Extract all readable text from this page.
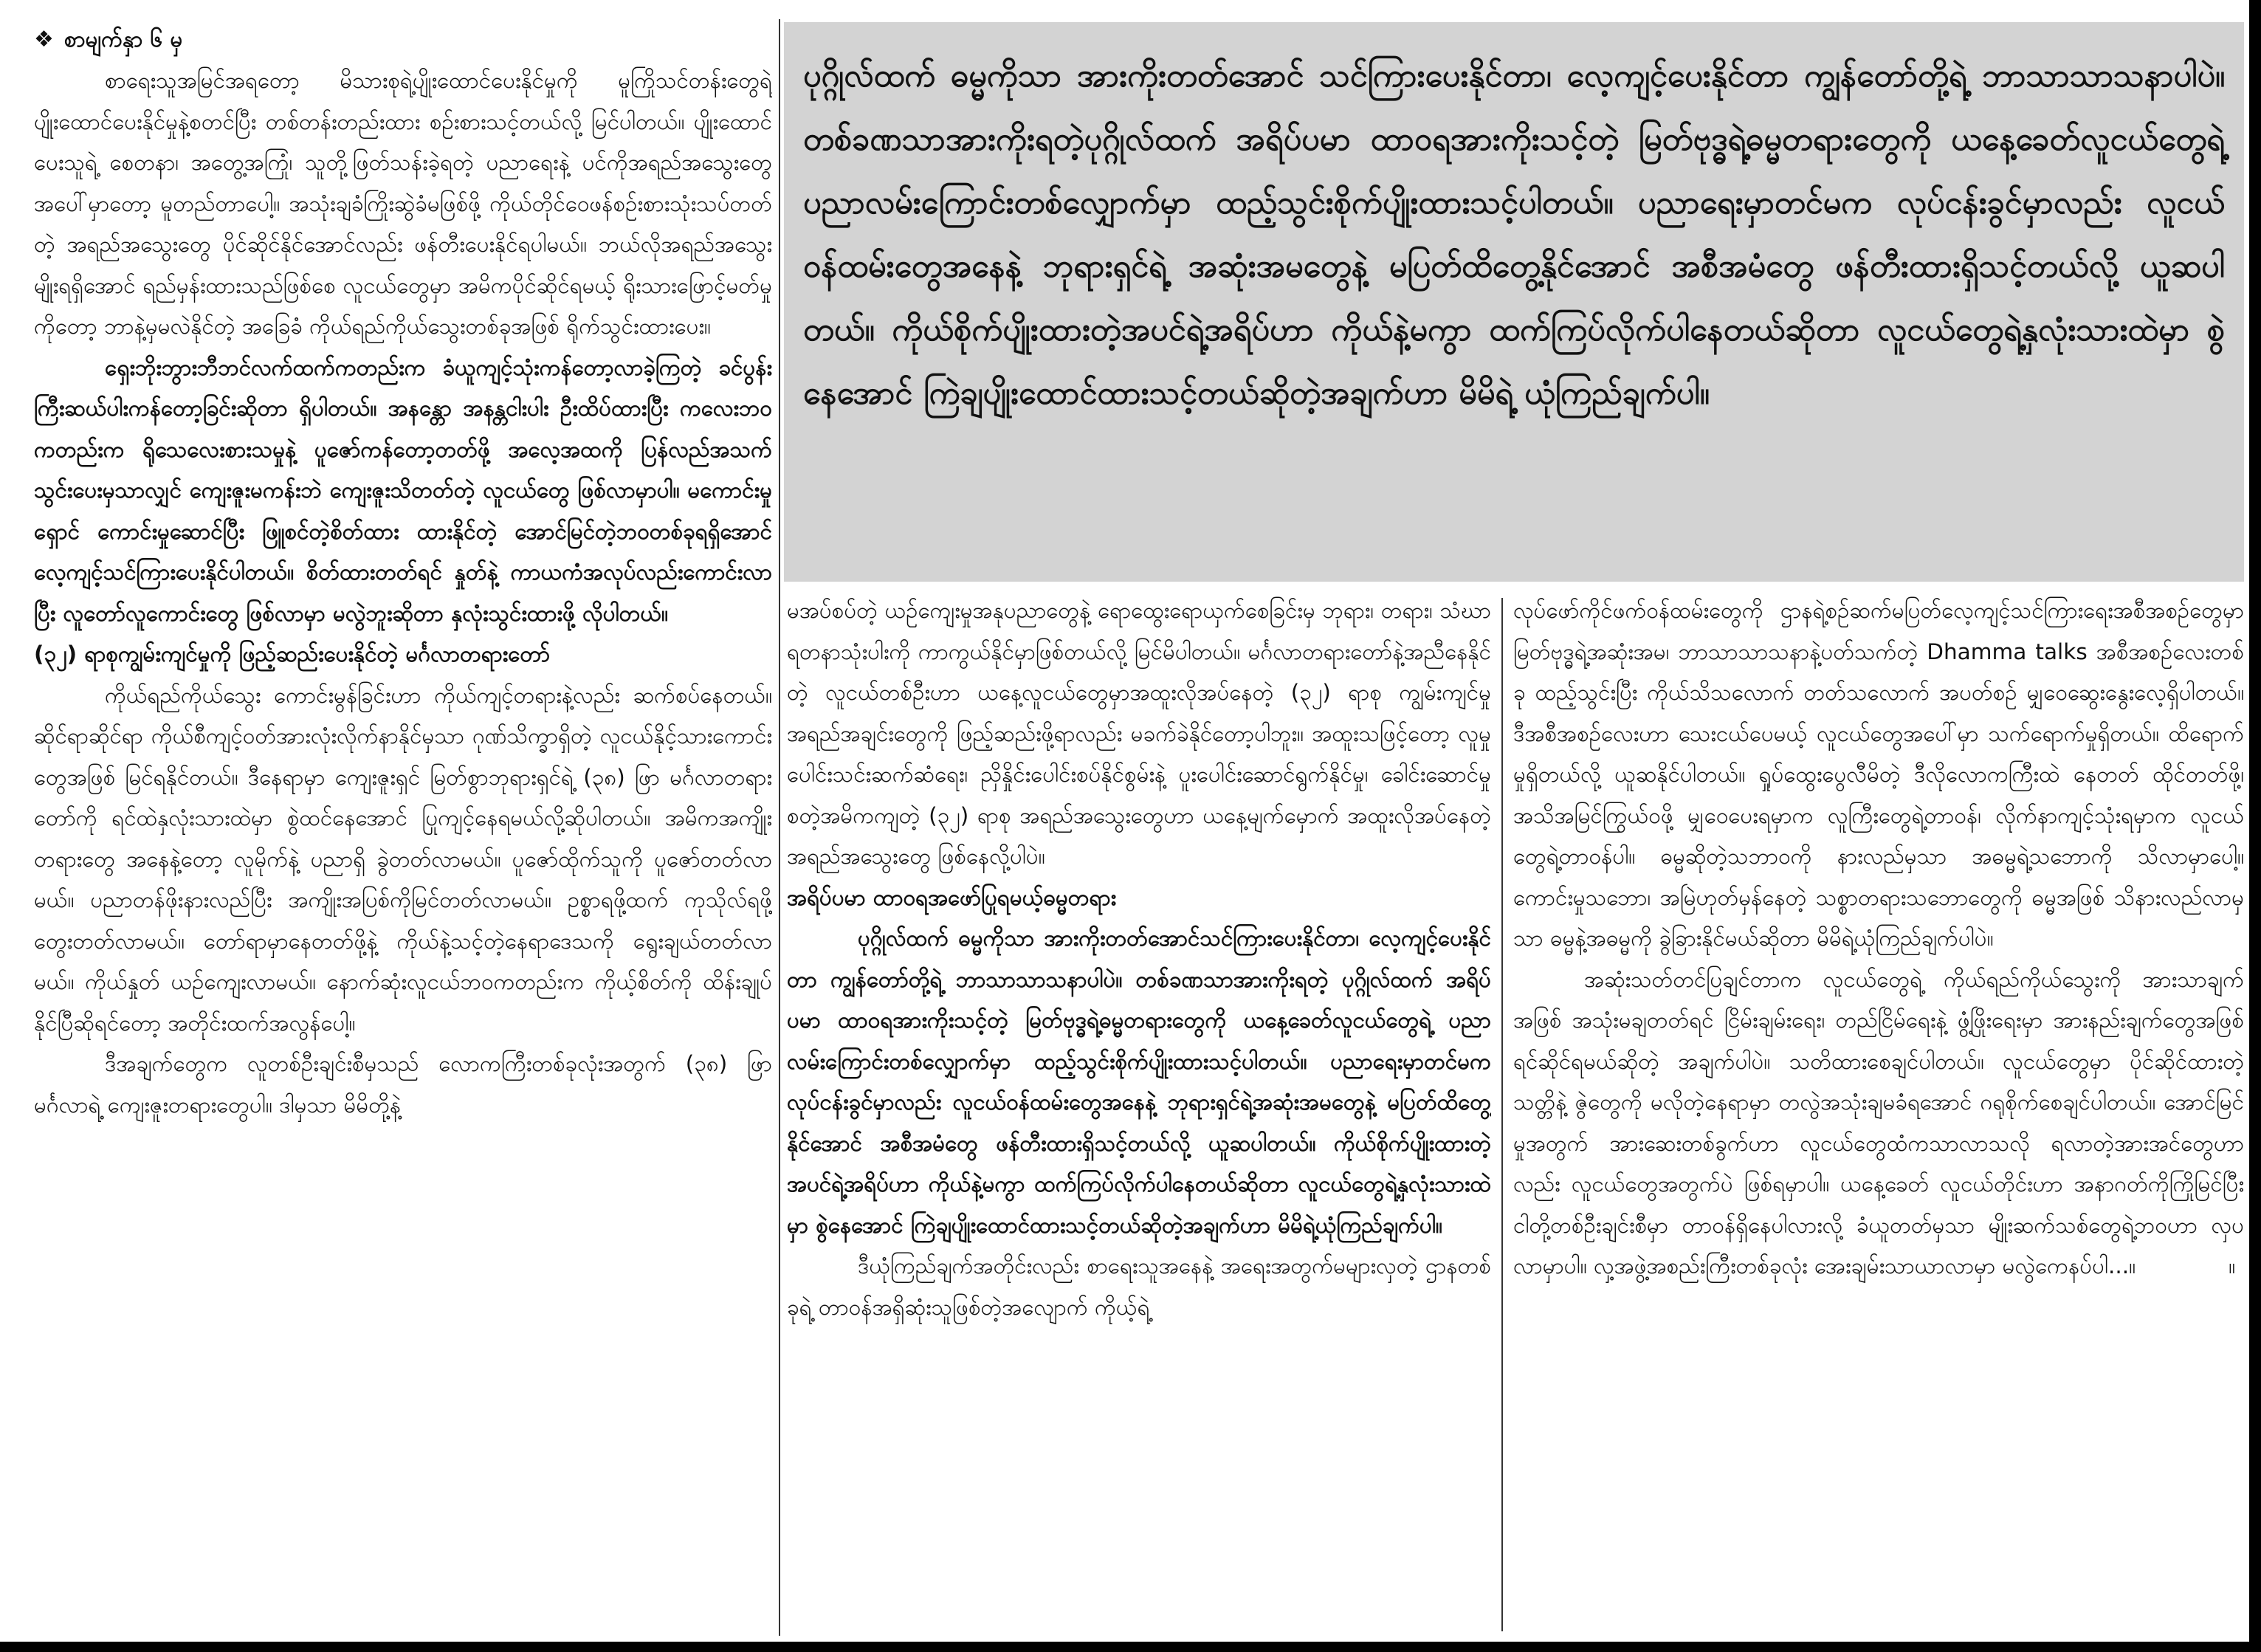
❖ စာမျက်နှာ ၆ မှ

စာရေးသူအမြင်အရတော့ မိသားစုရဲ့ပျိုးထောင်ပေးနိုင်မှုကို မူကြိုသင်တန်းတွေရဲ့ ပျိုးထောင်ပေးနိုင်မှုနဲ့စတင်ပြီး တစ်တန်းတည်းထား စဉ်းစားသင့်တယ်လို့ မြင်ပါတယ်။ ပျိုးထောင်ပေးသူရဲ့ စေတနာ၊ အတွေ့အကြုံ၊ သူတို့ဖြတ်သန်းခဲ့ရတဲ့ ပညာရေးနဲ့ ပင်ကိုအရည်အသွေးတွေအပေါ်မှာတော့ မူတည်တာပေါ့။ အသုံးချခံကြိုးဆွဲခံမဖြစ်ဖို့ ကိုယ်တိုင်ဝေဖန်စဉ်းစားသုံးသပ်တတ်တဲ့ အရည်အသွေးတွေ ပိုင်ဆိုင်နိုင်အောင်လည်း ဖန်တီးပေးနိုင်ရပါမယ်။ ဘယ်လိုအရည်အသွေးမျိုးရရှိအောင် ရည်မှန်းထားသည်ဖြစ်စေ လူငယ်တွေမှာ အမိကပိုင်ဆိုင်ရမယ့် ရိုးသားဖြောင့်မတ်မှုကိုတော့ ဘာနဲ့မှမလဲနိုင်တဲ့ အခြေခံ ကိုယ်ရည်ကိုယ်သွေးတစ်ခုအဖြစ် ရိုက်သွင်းထားပေး။

ရှေးဘိုးဘွားဘီဘင်လက်ထက်ကတည်းက ခံယူကျင့်သုံးကန်တော့လာခဲ့ကြတဲ့ ခင်ပွန်းကြီးဆယ်ပါးကန်တော့ခြင်းဆိုတာ ရှိပါတယ်။ အနန္တော အနန္တငါးပါး ဦးထိပ်ထားပြီး ကလေးဘဝကတည်းက ရိုသေလေးစားသမှုနဲ့ ပူဇော်ကန်တော့တတ်ဖို့ အလေ့အထကို ပြန်လည်အသက်သွင်းပေးမှသာလျှင် ကျေးဇူးမကန်းဘဲ ကျေးဇူးသိတတ်တဲ့ လူငယ်တွေ ဖြစ်လာမှာပါ။ မကောင်းမှုရှောင် ကောင်းမှုဆောင်ပြီး ဖြူစင်တဲ့စိတ်ထား ထားနိုင်တဲ့ အောင်မြင်တဲ့ဘဝတစ်ခုရရှိအောင် လေ့ကျင့်သင်ကြားပေးနိုင်ပါတယ်။ စိတ်ထားတတ်ရင် နှုတ်နဲ့ ကာယကံအလုပ်လည်းကောင်းလာပြီး လူတော်လူကောင်းတွေ ဖြစ်လာမှာ မလွဲဘူးဆိုတာ နှလုံးသွင်းထားဖို့ လိုပါတယ်။

(၃၂) ရာစုကျွမ်းကျင်မှုကို ဖြည့်ဆည်းပေးနိုင်တဲ့ မင်္ဂလာတရားတော်

ကိုယ်ရည်ကိုယ်သွေး ကောင်းမွန်ခြင်းဟာ ကိုယ်ကျင့်တရားနဲ့လည်း ဆက်စပ်နေတယ်။ ဆိုင်ရာဆိုင်ရာ ကိုယ်စီကျင့်ဝတ်အားလုံးလိုက်နာနိုင်မှသာ ဂုဏ်သိက္ခာရှိတဲ့ လူငယ်နိုင့်သားကောင်းတွေအဖြစ် မြင်ရနိုင်တယ်။ ဒီနေရာမှာ ကျေးဇူးရှင် မြတ်စွာဘုရားရှင်ရဲ့ (၃၈) ဖြာ မင်္ဂလာတရားတော်ကို ရင်ထဲနှလုံးသားထဲမှာ စွဲထင်နေအောင် ပြုကျင့်နေရမယ်လို့ဆိုပါတယ်။ အမိကအကျိုးတရားတွေ အနေနဲ့တော့ လူမိုက်နဲ့ ပညာရှိ ခွဲတတ်လာမယ်။ ပူဇော်ထိုက်သူကို ပူဇော်တတ်လာမယ်။ ပညာတန်ဖိုးနားလည်ပြီး အကျိုးအပြစ်ကိုမြင်တတ်လာမယ်။ ဥစ္စာရဖို့ထက် ကုသိုလ်ရဖို့ တွေးတတ်လာမယ်။ တော်ရာမှာနေတတ်ဖို့နဲ့ ကိုယ်နဲ့သင့်တဲ့နေရာဒေသကို ရွေးချယ်တတ်လာမယ်။ ကိုယ်နှုတ် ယဉ်ကျေးလာမယ်။ နောက်ဆုံးလူငယ်ဘဝကတည်းက ကိုယ့်စိတ်ကို ထိန်းချုပ်နိုင်ပြီဆိုရင်တော့ အတိုင်းထက်အလွန်ပေါ့။

ဒီအချက်တွေက လူတစ်ဦးချင်းစီမှသည် လောကကြီးတစ်ခုလုံးအတွက် (၃၈) ဖြာ မင်္ဂလာရဲ့ ကျေးဇူးတရားတွေပါ။ ဒါမှသာ မိမိတို့နဲ့

ပုဂ္ဂိုလ်ထက် ဓမ္မကိုသာ အားကိုးတတ်အောင် သင်ကြားပေးနိုင်တာ၊ လေ့ကျင့်ပေးနိုင်တာ ကျွန်တော်တို့ရဲ့ ဘာသာသာသနာပါပဲ။ တစ်ခဏသာအားကိုးရတဲ့ပုဂ္ဂိုလ်ထက် အရိပ်ပမာ ထာဝရအားကိုးသင့်တဲ့ မြတ်ဗုဒ္ဓရဲ့ဓမ္မတရားတွေကို ယနေ့ခေတ်လူငယ်တွေရဲ့ ပညာလမ်းကြောင်းတစ်လျှောက်မှာ ထည့်သွင်းစိုက်ပျိုးထားသင့်ပါတယ်။ ပညာရေးမှာတင်မက လုပ်ငန်းခွင်မှာလည်း လူငယ်ဝန်ထမ်းတွေအနေနဲ့ ဘုရားရှင်ရဲ့ အဆုံးအမတွေနဲ့ မပြတ်ထိတွေ့နိုင်အောင် အစီအမံတွေ ဖန်တီးထားရှိသင့်တယ်လို့ ယူဆပါတယ်။ ကိုယ်စိုက်ပျိုးထားတဲ့အပင်ရဲ့အရိပ်ဟာ ကိုယ်နဲ့မကွာ ထက်ကြပ်လိုက်ပါနေတယ်ဆိုတာ လူငယ်တွေရဲ့နှလုံးသားထဲမှာ စွဲနေအောင် ကြဲချပျိုးထောင်ထားသင့်တယ်ဆိုတဲ့အချက်ဟာ မိမိရဲ့ ယုံကြည်ချက်ပါ။

မအပ်စပ်တဲ့ ယဉ်ကျေးမှုအနုပညာတွေနဲ့ ရောထွေးရောယှက်စေခြင်းမှ ဘုရား၊ တရား၊ သံဃာ ရတနာသုံးပါးကို ကာကွယ်နိုင်မှာဖြစ်တယ်လို့ မြင်မိပါတယ်။ မင်္ဂလာတရားတော်နဲ့အညီနေနိုင်တဲ့ လူငယ်တစ်ဦးဟာ ယနေ့လူငယ်တွေမှာအထူးလိုအပ်နေတဲ့ (၃၂) ရာစု ကျွမ်းကျင်မှုအရည်အချင်းတွေကို ဖြည့်ဆည်းဖို့ရာလည်း မခက်ခဲနိုင်တော့ပါဘူး။ အထူးသဖြင့်တော့ လူမှုပေါင်းသင်းဆက်ဆံရေး၊ ညှိနှိုင်းပေါင်းစပ်နိုင်စွမ်းနဲ့ ပူးပေါင်းဆောင်ရွက်နိုင်မှု၊ ခေါင်းဆောင်မှု စတဲ့အမိကကျတဲ့ (၃၂) ရာစု အရည်အသွေးတွေဟာ ယနေ့မျက်မှောက် အထူးလိုအပ်နေတဲ့ အရည်အသွေးတွေ ဖြစ်နေလို့ပါပဲ။

အရိပ်ပမာ ထာဝရအဖော်ပြုရမယ့်ဓမ္မတရား

ပုဂ္ဂိုလ်ထက် ဓမ္မကိုသာ အားကိုးတတ်အောင်သင်ကြားပေးနိုင်တာ၊ လေ့ကျင့်ပေးနိုင်တာ ကျွန်တော်တို့ရဲ့ ဘာသာသာသနာပါပဲ။ တစ်ခဏသာအားကိုးရတဲ့ ပုဂ္ဂိုလ်ထက် အရိပ်ပမာ ထာဝရအားကိုးသင့်တဲ့ မြတ်ဗုဒ္ဓရဲ့ဓမ္မတရားတွေကို ယနေ့ခေတ်လူငယ်တွေရဲ့ ပညာလမ်းကြောင်းတစ်လျှောက်မှာ ထည့်သွင်းစိုက်ပျိုးထားသင့်ပါတယ်။ ပညာရေးမှာတင်မက လုပ်ငန်းခွင်မှာလည်း လူငယ်ဝန်ထမ်းတွေအနေနဲ့ ဘုရားရှင်ရဲ့အဆုံးအမတွေနဲ့ မပြတ်ထိတွေ့နိုင်အောင် အစီအမံတွေ ဖန်တီးထားရှိသင့်တယ်လို့ ယူဆပါတယ်။ ကိုယ်စိုက်ပျိုးထားတဲ့အပင်ရဲ့အရိပ်ဟာ ကိုယ်နဲ့မကွာ ထက်ကြပ်လိုက်ပါနေတယ်ဆိုတာ လူငယ်တွေရဲ့နှလုံးသားထဲမှာ စွဲနေအောင် ကြဲချပျိုးထောင်ထားသင့်တယ်ဆိုတဲ့အချက်ဟာ မိမိရဲ့ယုံကြည်ချက်ပါ။

ဒီယုံကြည်ချက်အတိုင်းလည်း စာရေးသူအနေနဲ့ အရေးအတွက်မများလှတဲ့ ဌာနတစ်ခုရဲ့ တာဝန်အရှိဆုံးသူဖြစ်တဲ့အလျောက် ကိုယ့်ရဲ့

လုပ်ဖော်ကိုင်ဖက်ဝန်ထမ်းတွေကို ဌာနရဲ့စဉ်ဆက်မပြတ်လေ့ကျင့်သင်ကြားရေးအစီအစဉ်တွေမှာ မြတ်ဗုဒ္ဓရဲ့အဆုံးအမ၊ ဘာသာသာသနာနဲ့ပတ်သက်တဲ့ Dhamma talks အစီအစဉ်လေးတစ်ခု ထည့်သွင်းပြီး ကိုယ်သိသလောက် တတ်သလောက် အပတ်စဉ် မျှဝေဆွေးနွေးလေ့ရှိပါတယ်။ ဒီအစီအစဉ်လေးဟာ သေးငယ်ပေမယ့် လူငယ်တွေအပေါ်မှာ သက်ရောက်မှုရှိတယ်။ ထိရောက်မှုရှိတယ်လို့ ယူဆနိုင်ပါတယ်။ ရှုပ်ထွေးပွေလီမိတဲ့ ဒီလိုလောကကြီးထဲ နေတတ် ထိုင်တတ်ဖို့၊ အသိအမြင်ကြွယ်ဝဖို့ မျှဝေပေးရမှာက လူကြီးတွေရဲ့တာဝန်၊ လိုက်နာကျင့်သုံးရမှာက လူငယ်တွေရဲ့တာဝန်ပါ။ ဓမ္မဆိုတဲ့သဘာဝကို နားလည်မှသာ အဓမ္မရဲ့သဘောကို သိလာမှာပေါ့။ ကောင်းမှုသဘော၊ အမြဲဟုတ်မှန်နေတဲ့ သစ္စာတရားသဘောတွေကို ဓမ္မအဖြစ် သိနားလည်လာမှသာ ဓမ္မနဲ့အဓမ္မကို ခွဲခြားနိုင်မယ်ဆိုတာ မိမိရဲ့ယုံကြည်ချက်ပါပဲ။

အဆုံးသတ်တင်ပြချင်တာက လူငယ်တွေရဲ့ ကိုယ်ရည်ကိုယ်သွေးကို အားသာချက်အဖြစ် အသုံးမချတတ်ရင် ငြိမ်းချမ်းရေး၊ တည်ငြိမ်ရေးနဲ့ ဖွံ့ဖြိုးရေးမှာ အားနည်းချက်တွေအဖြစ် ရင်ဆိုင်ရမယ်ဆိုတဲ့ အချက်ပါပဲ။ သတိထားစေချင်ပါတယ်။ လူငယ်တွေမှာ ပိုင်ဆိုင်ထားတဲ့ သတ္တိနဲ့ ဇွဲတွေကို မလိုတဲ့နေရာမှာ တလွဲအသုံးချမခံရအောင် ဂရုစိုက်စေချင်ပါတယ်။ အောင်မြင်မှုအတွက် အားဆေးတစ်ခွက်ဟာ လူငယ်တွေထံကသာလာသလို ရလာတဲ့အားအင်တွေဟာလည်း လူငယ်တွေအတွက်ပဲ ဖြစ်ရမှာပါ။ ယနေ့ခေတ် လူငယ်တိုင်းဟာ အနာဂတ်ကိုကြိုမြင်ပြီး ငါတို့တစ်ဦးချင်းစီမှာ တာဝန်ရှိနေပါလားလို့ ခံယူတတ်မှသာ မျိုးဆက်သစ်တွေရဲ့ဘဝဟာ လှပလာမှာပါ။ လှ့အဖွဲ့အစည်းကြီးတစ်ခုလုံး အေးချမ်းသာယာလာမှာ မလွဲကေနပ်ပါ...။	။
